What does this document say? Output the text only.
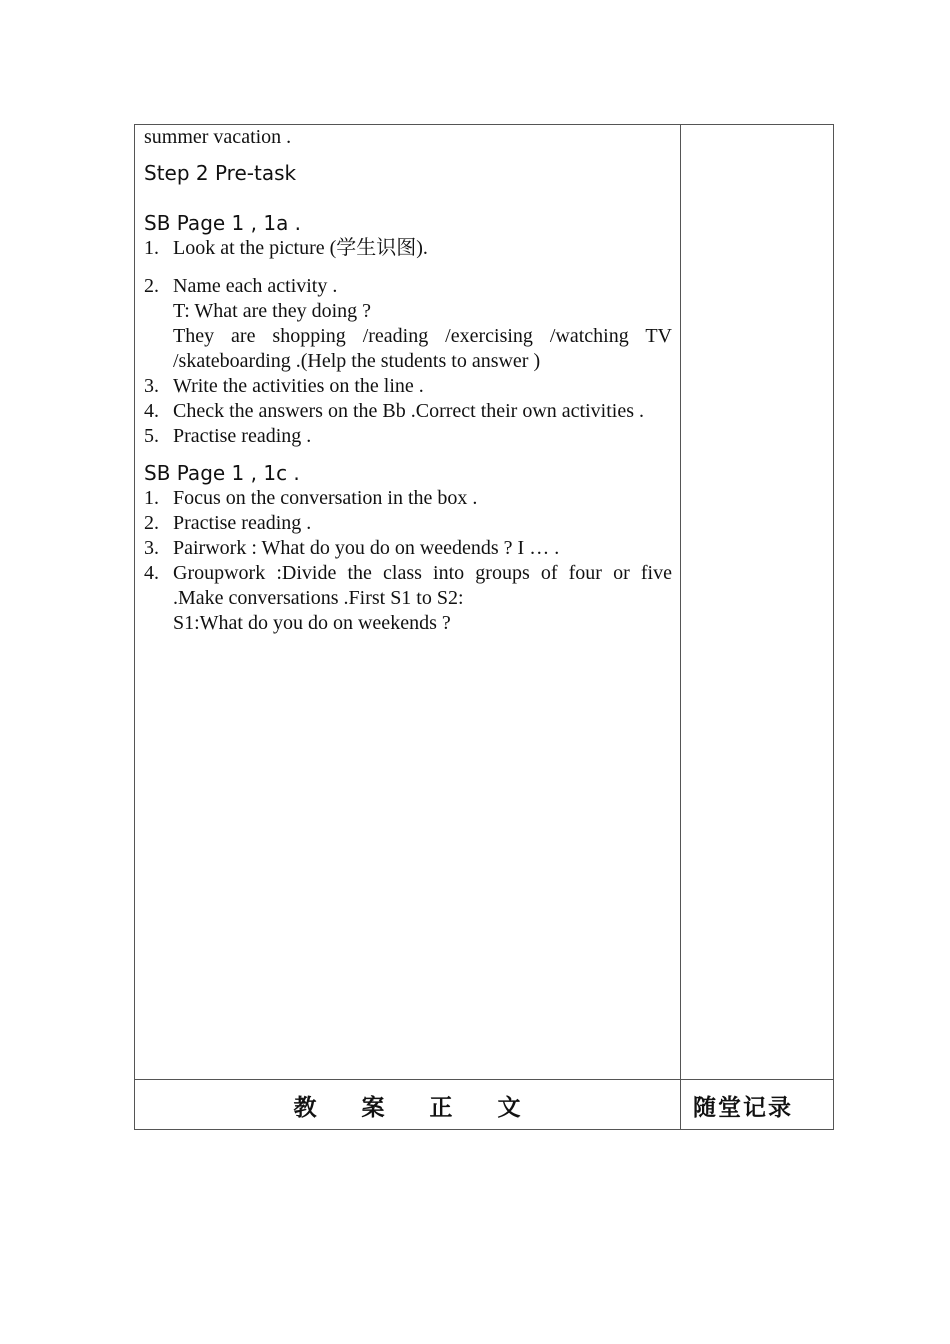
summer vacation .

Step 2 Pre-task

SB Page 1 , 1a .

1. Look at the picture (学生识图).
2. Name each activity .
T: What are they doing ?
They are shopping /reading /exercising /watching TV /skateboarding .(Help the students to answer )
3. Write the activities on the line .
4. Check the answers on the Bb .Correct their own activities .
5. Practise reading .

SB Page 1 , 1c .

1. Focus on the conversation in the box .
2. Practise reading .
3. Pairwork : What do you do on weedends ? I … .
4. Groupwork :Divide the class into groups of four or five .Make conversations .First S1 to S2:
S1:What do you do on weekends ?
教 案 正 文	随堂记录
